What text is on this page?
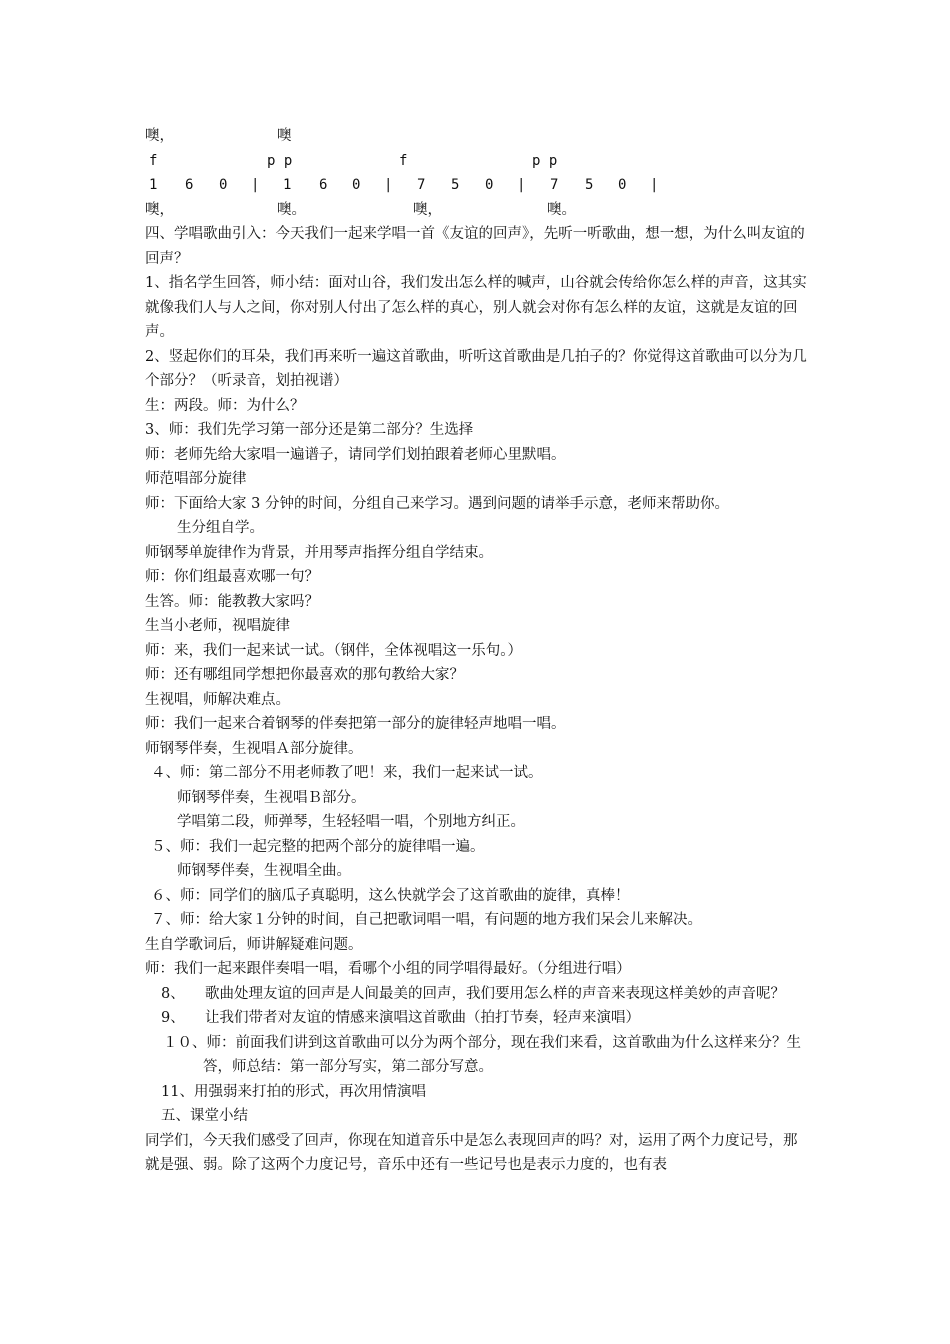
噢，	噢
f	p p	f	p p
1 6 0 | 1 6 0 | 7 5 0 | 7 5 0 |
噢，	噢。	噢，	噢。
四、学唱歌曲引入：今天我们一起来学唱一首《友谊的回声》，先听一听歌曲，想一想，为什么叫友谊的回声？
1、指名学生回答，师小结：面对山谷，我们发出怎么样的喊声，山谷就会传给你怎么样的声音，这其实就像我们人与人之间，你对别人付出了怎么样的真心，别人就会对你有怎么样的友谊，这就是友谊的回声。
2、竖起你们的耳朵，我们再来听一遍这首歌曲，听听这首歌曲是几拍子的？你觉得这首歌曲可以分为几个部分？（听录音，划拍视谱）
生：两段。师：为什么？
3、师：我们先学习第一部分还是第二部分？生选择
师：老师先给大家唱一遍谱子，请同学们划拍跟着老师心里默唱。
师范唱部分旋律
师：下面给大家 3 分钟的时间，分组自己来学习。遇到问题的请举手示意，老师来帮助你。
生分组自学。
师钢琴单旋律作为背景，并用琴声指挥分组自学结束。
师：你们组最喜欢哪一句？
生答。师：能教教大家吗？
生当小老师，视唱旋律
师：来，我们一起来试一试。（钢伴，全体视唱这一乐句。）
师：还有哪组同学想把你最喜欢的那句教给大家？
生视唱，师解决难点。
师：我们一起来合着钢琴的伴奏把第一部分的旋律轻声地唱一唱。
师钢琴伴奏，生视唱Ａ部分旋律。
４、师：第二部分不用老师教了吧！来，我们一起来试一试。
师钢琴伴奏，生视唱Ｂ部分。
学唱第二段，师弹琴，生轻轻唱一唱，个别地方纠正。
５、师：我们一起完整的把两个部分的旋律唱一遍。
师钢琴伴奏，生视唱全曲。
６、师：同学们的脑瓜子真聪明，这么快就学会了这首歌曲的旋律，真棒！
７、师：给大家１分钟的时间，自己把歌词唱一唱，有问题的地方我们呆会儿来解决。
生自学歌词后，师讲解疑难问题。
师：我们一起来跟伴奏唱一唱，看哪个小组的同学唱得最好。（分组进行唱）
8、	歌曲处理友谊的回声是人间最美的回声，我们要用怎么样的声音来表现这样美妙的声音呢？
9、	让我们带者对友谊的情感来演唱这首歌曲（拍打节奏，轻声来演唱）
１０、师：前面我们讲到这首歌曲可以分为两个部分，现在我们来看，这首歌曲为什么这样来分？生答，师总结：第一部分写实，第二部分写意。
11、用强弱来打拍的形式，再次用情演唱
五、课堂小结
同学们，今天我们感受了回声，你现在知道音乐中是怎么表现回声的吗？对，运用了两个力度记号，那就是强、弱。除了这两个力度记号，音乐中还有一些记号也是表示力度的，也有表
